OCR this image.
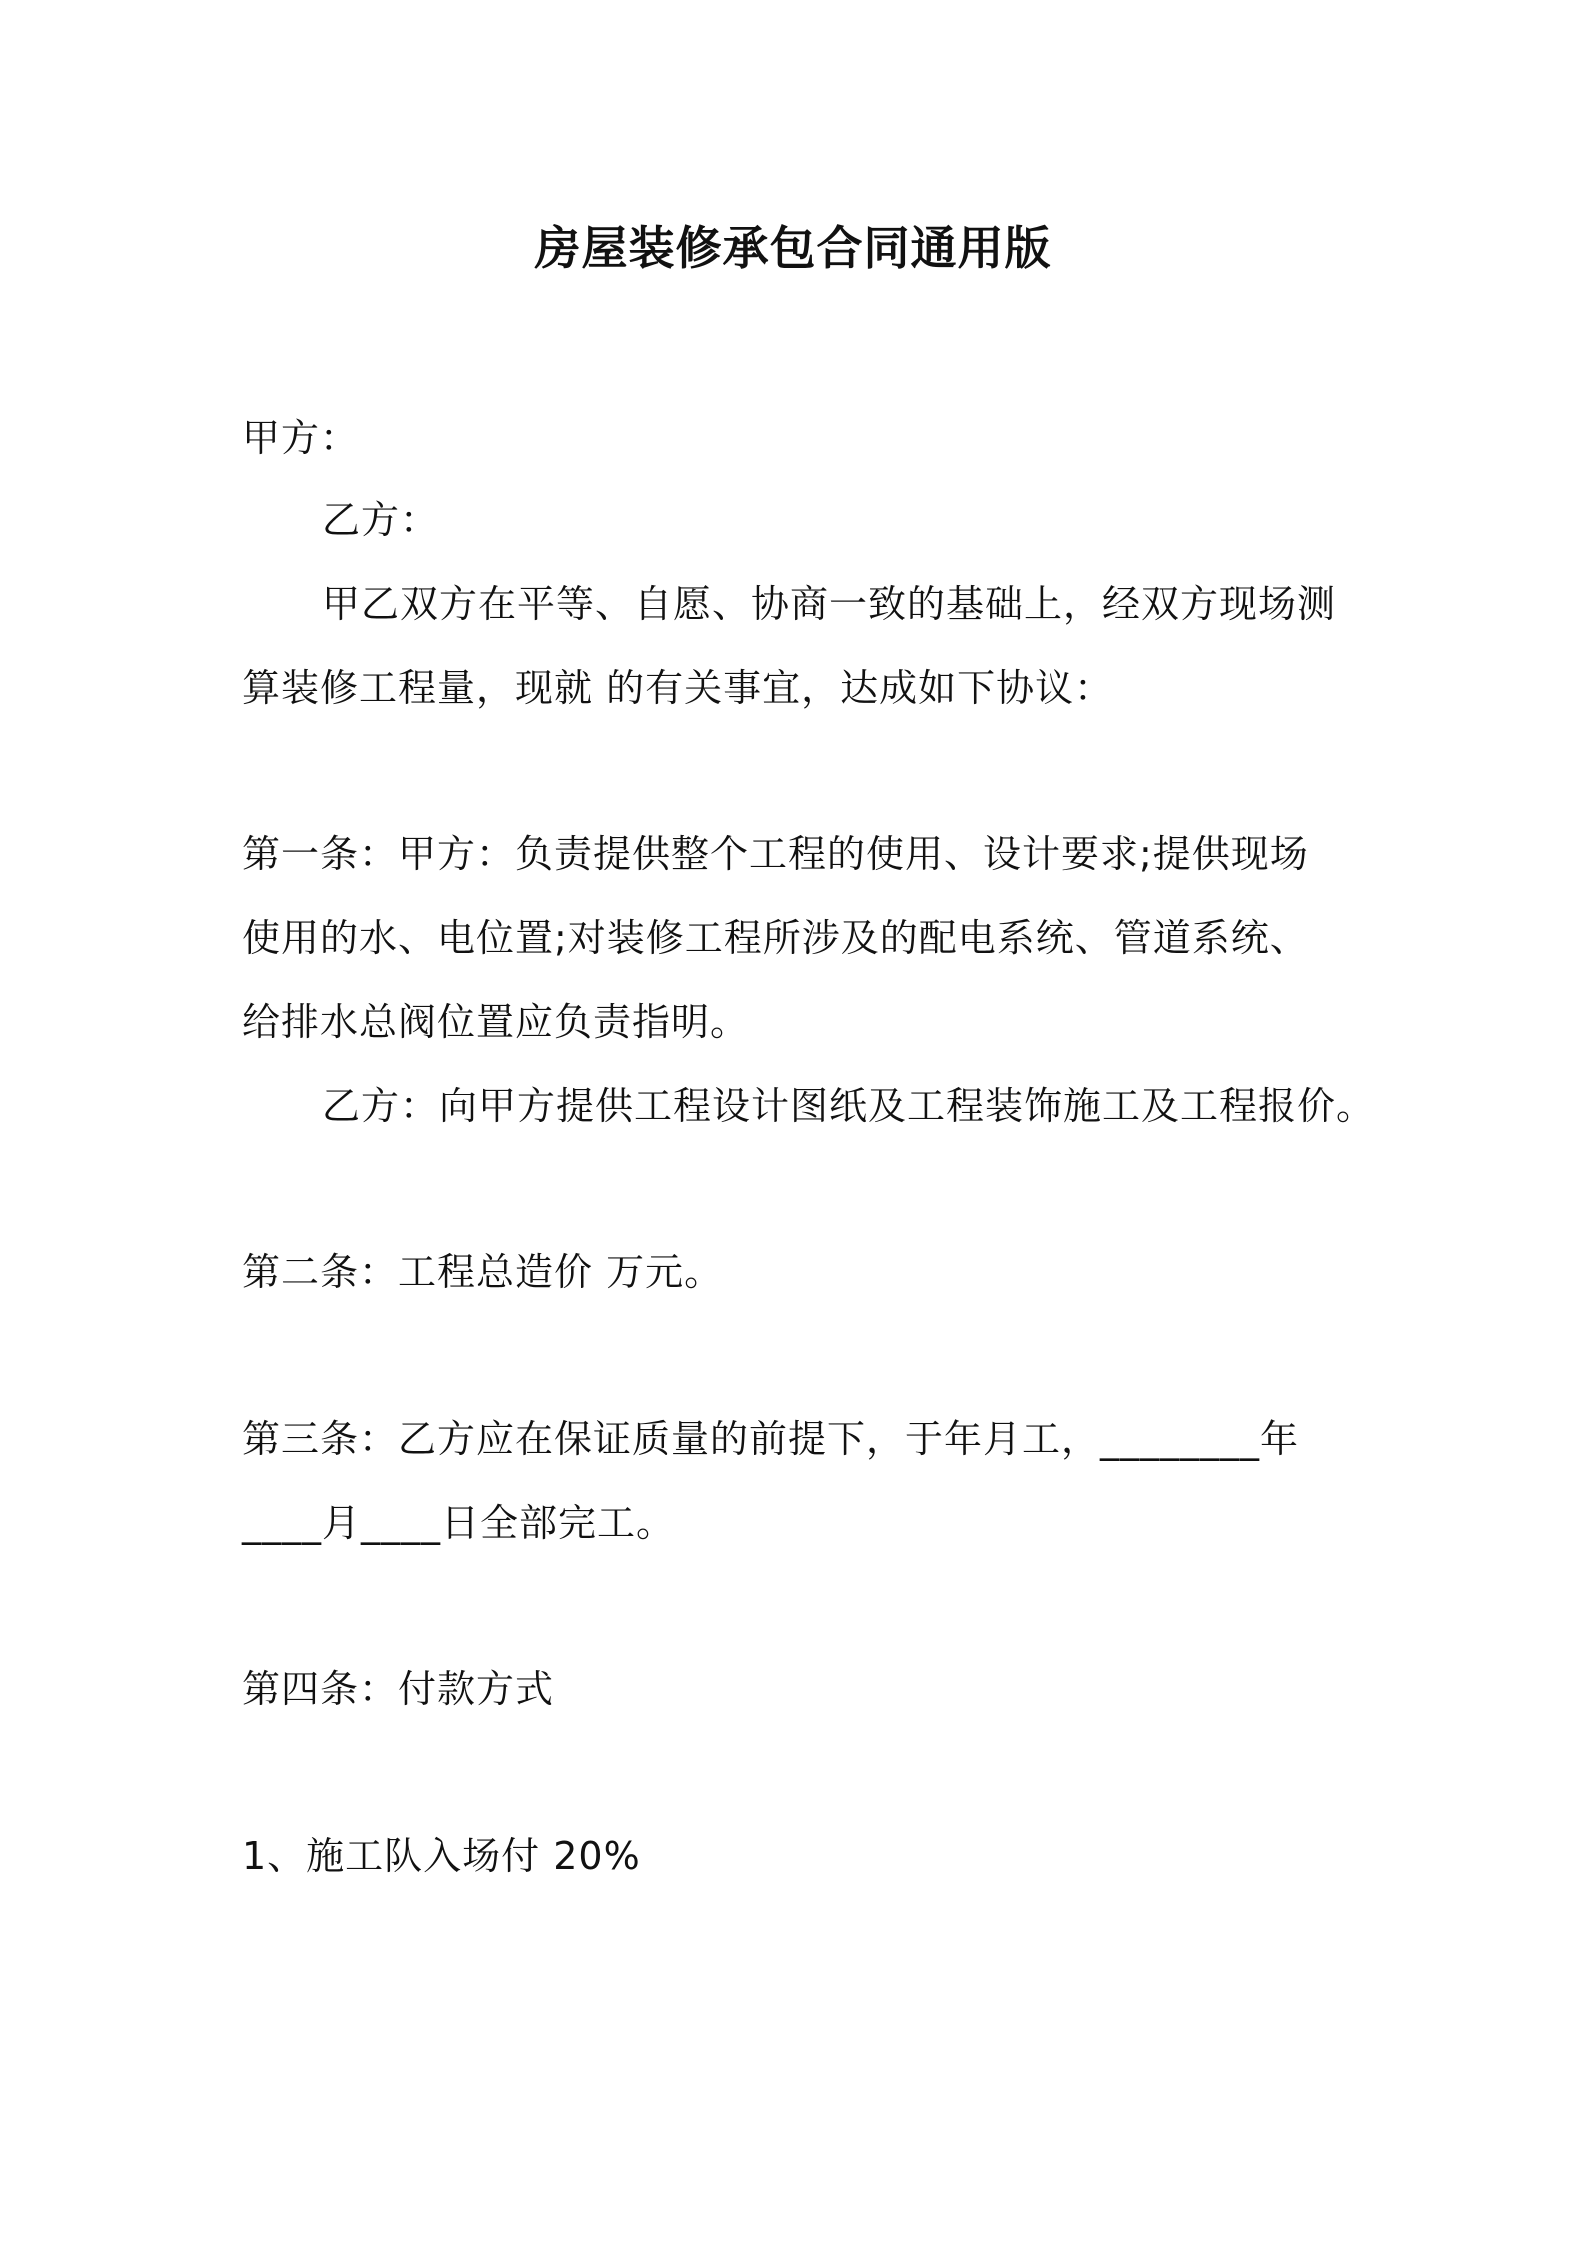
房屋装修承包合同通用版
甲方：
乙方：
甲乙双方在平等、自愿、协商一致的基础上，经双方现场测
算装修工程量，现就 的有关事宜，达成如下协议：
第一条：甲方：负责提供整个工程的使用、设计要求;提供现场
使用的水、电位置;对装修工程所涉及的配电系统、管道系统、
给排水总阀位置应负责指明。
乙方：向甲方提供工程设计图纸及工程装饰施工及工程报价。
第二条：工程总造价 万元。
第三条：乙方应在保证质量的前提下，于年月工，________年
____月____日全部完工。
第四条：付款方式
1、施工队入场付 20%
